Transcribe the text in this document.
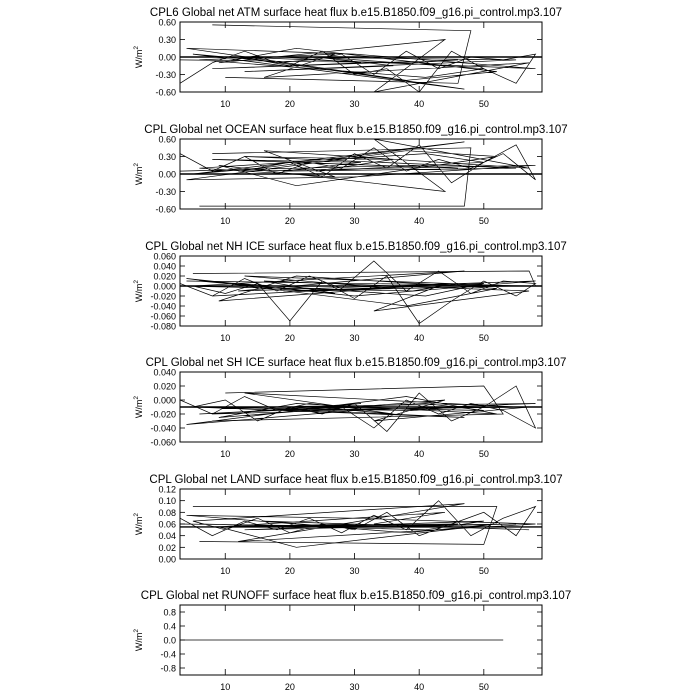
CPL6 Global net ATM surface heat flux b.e15.B1850.f09_g16.pi_control.mp3.107
0.60
0.30
0.00
-0.30
-0.60
10	20	30	40	50
$W/m^2$
CPL Global net OCEAN surface heat flux b.e15.B1850.f09_g16.pi_control.mp3.107
0.60
0.30
0.00
-0.30
-0.60
10	20	30	40	50
$W/m^2$
CPL Global net NH ICE surface heat flux b.e15.B1850.f09_g16.pi_control.mp3.107
0.060
0.040
0.020
0.000
-0.020
-0.040
-0.060
-0.080
10	20	30	40	50
$W/m^2$
CPL Global net SH ICE surface heat flux b.e15.B1850.f09_g16.pi_control.mp3.107
0.040
0.020
0.000
-0.020
-0.040
-0.060
10	20	30	40	50
$W/m^2$
CPL Global net LAND surface heat flux b.e15.B1850.f09_g16.pi_control.mp3.107
0.12
0.10
0.08
0.06
0.04
0.02
0.00
10	20	30	40	50
$W/m^2$
CPL Global net RUNOFF surface heat flux b.e15.B1850.f09_g16.pi_control.mp3.107
0.8
0.4
0.0
-0.4
-0.8
10	20	30	40	50
$W/m^2$
